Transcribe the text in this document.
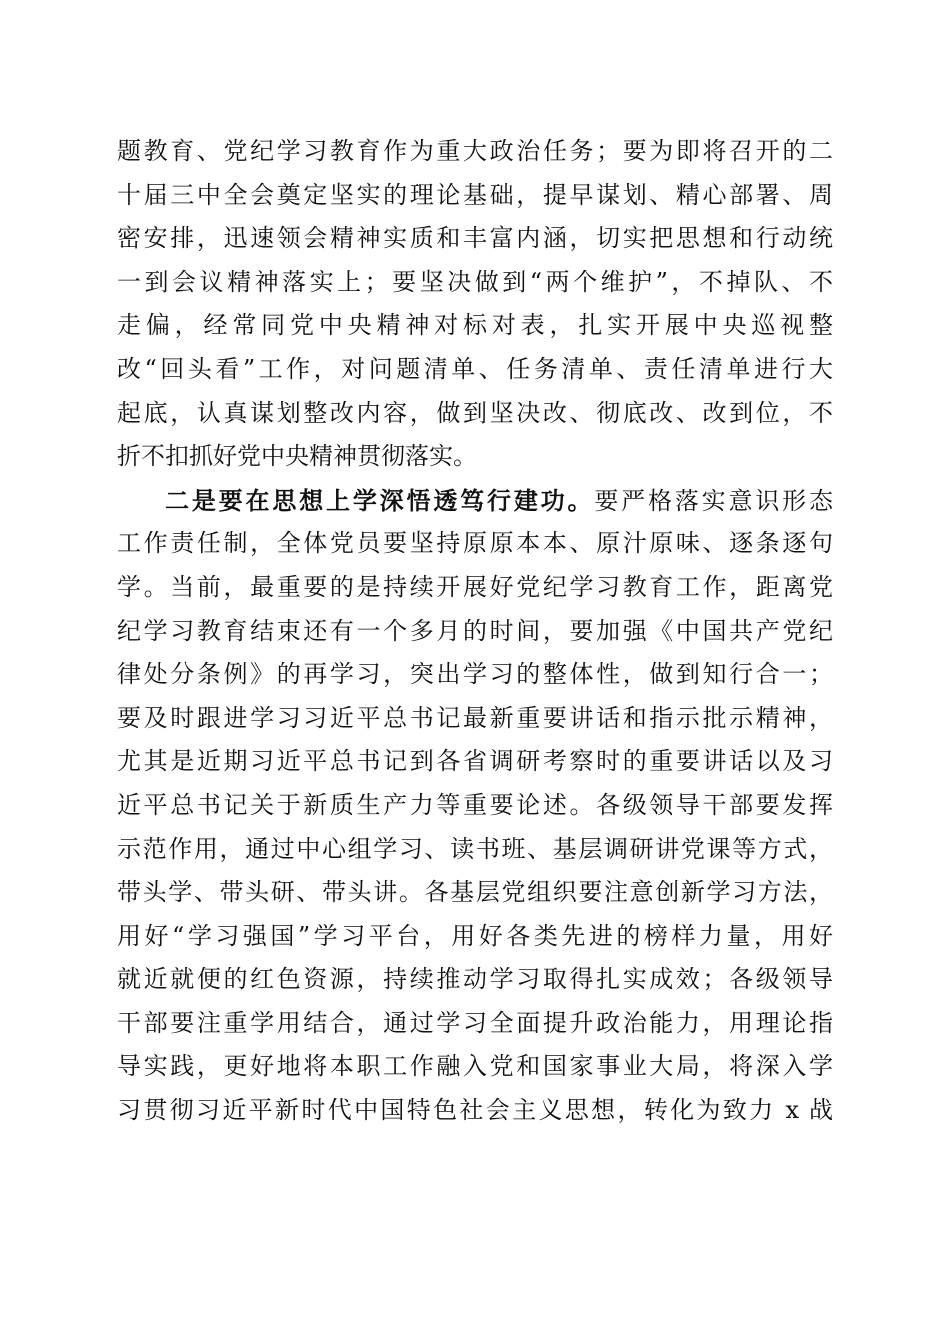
题教育、党纪学习教育作为重大政治任务；要为即将召开的二
十届三中全会奠定坚实的理论基础，提早谋划、精心部署、周
密安排，迅速领会精神实质和丰富内涵，切实把思想和行动统
一到会议精神落实上；要坚决做到“两个维护”，不掉队、不
走偏，经常同党中央精神对标对表，扎实开展中央巡视整
改“回头看”工作，对问题清单、任务清单、责任清单进行大
起底，认真谋划整改内容，做到坚决改、彻底改、改到位，不
折不扣抓好党中央精神贯彻落实。
二是要在思想上学深悟透笃行建功。要严格落实意识形态
工作责任制，全体党员要坚持原原本本、原汁原味、逐条逐句
学。当前，最重要的是持续开展好党纪学习教育工作，距离党
纪学习教育结束还有一个多月的时间，要加强《中国共产党纪
律处分条例》的再学习，突出学习的整体性，做到知行合一；
要及时跟进学习习近平总书记最新重要讲话和指示批示精神，
尤其是近期习近平总书记到各省调研考察时的重要讲话以及习
近平总书记关于新质生产力等重要论述。各级领导干部要发挥
示范作用，通过中心组学习、读书班、基层调研讲党课等方式，
带头学、带头研、带头讲。各基层党组织要注意创新学习方法，
用好“学习强国”学习平台，用好各类先进的榜样力量，用好
就近就便的红色资源，持续推动学习取得扎实成效；各级领导
干部要注重学用结合，通过学习全面提升政治能力，用理论指
导实践，更好地将本职工作融入党和国家事业大局，将深入学
习贯彻习近平新时代中国特色社会主义思想，转化为致力 x 战
